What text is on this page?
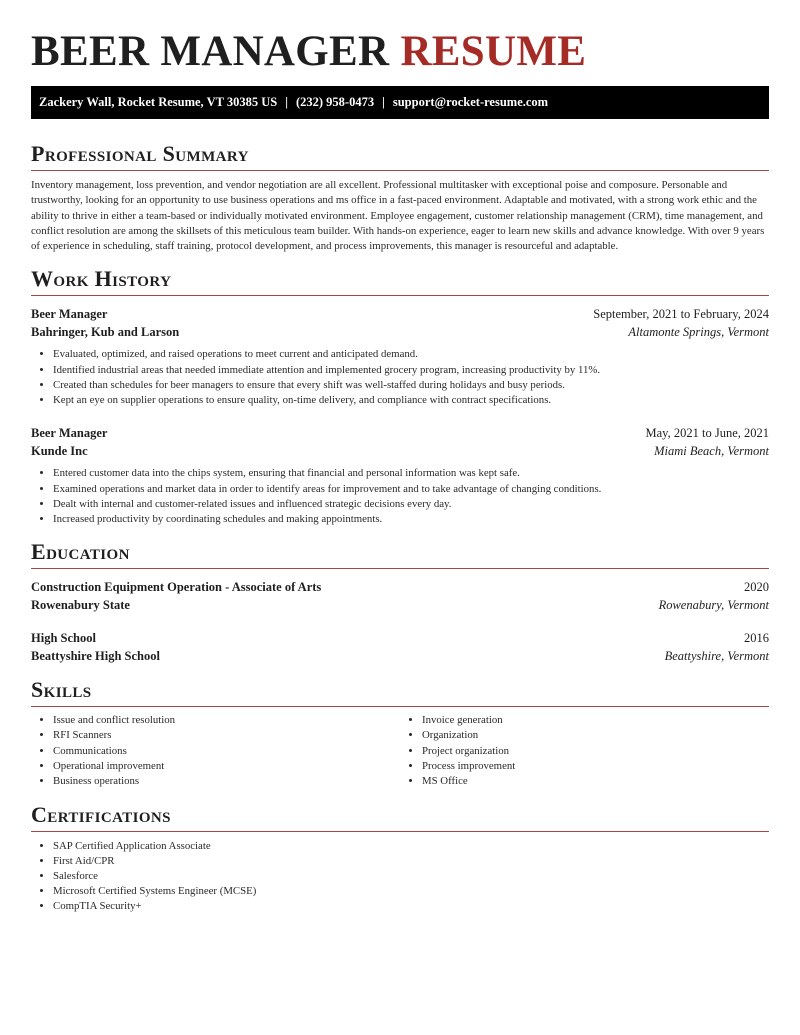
BEER MANAGER RESUME
Zackery Wall, Rocket Resume, VT 30385 US | (232) 958-0473 | support@rocket-resume.com
Professional Summary

Inventory management, loss prevention, and vendor negotiation are all excellent. Professional multitasker with exceptional poise and composure. Personable and trustworthy, looking for an opportunity to use business operations and ms office in a fast-paced environment. Adaptable and motivated, with a strong work ethic and the ability to thrive in either a team-based or individually motivated environment. Employee engagement, customer relationship management (CRM), time management, and conflict resolution are among the skillsets of this meticulous team builder. With hands-on experience, eager to learn new skills and advance knowledge. With over 9 years of experience in scheduling, staff training, protocol development, and process improvements, this manager is resourceful and adaptable.

Work History
Beer Manager	September, 2021 to February, 2024
Bahringer, Kub and Larson	Altamonte Springs, Vermont
• Evaluated, optimized, and raised operations to meet current and anticipated demand.
• Identified industrial areas that needed immediate attention and implemented grocery program, increasing productivity by 11%.
• Created than schedules for beer managers to ensure that every shift was well-staffed during holidays and busy periods.
• Kept an eye on supplier operations to ensure quality, on-time delivery, and compliance with contract specifications.
Beer Manager	May, 2021 to June, 2021
Kunde Inc	Miami Beach, Vermont
• Entered customer data into the chips system, ensuring that financial and personal information was kept safe.
• Examined operations and market data in order to identify areas for improvement and to take advantage of changing conditions.
• Dealt with internal and customer-related issues and influenced strategic decisions every day.
• Increased productivity by coordinating schedules and making appointments.
Education
Construction Equipment Operation - Associate of Arts	2020
Rowenabury State	Rowenabury, Vermont
High School	2016
Beattyshire High School	Beattyshire, Vermont
Skills
• Issue and conflict resolution
• RFI Scanners
• Communications
• Operational improvement
• Business operations
• Invoice generation
• Organization
• Project organization
• Process improvement
• MS Office
Certifications
• SAP Certified Application Associate
• First Aid/CPR
• Salesforce
• Microsoft Certified Systems Engineer (MCSE)
• CompTIA Security+
